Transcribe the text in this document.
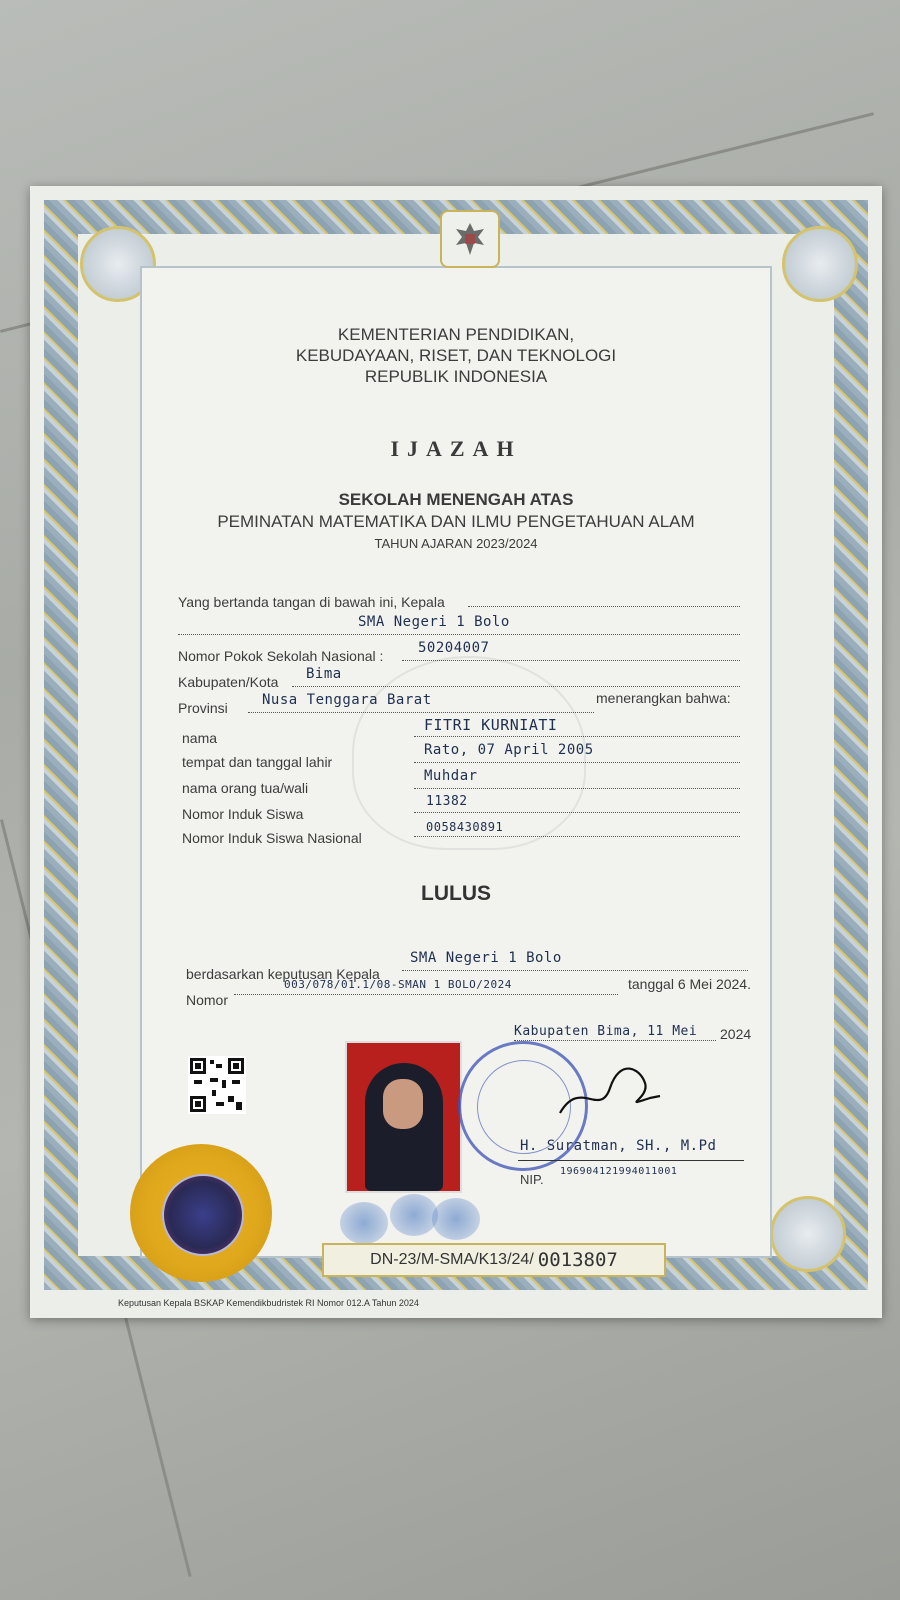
KEMENTERIAN PENDIDIKAN,
KEBUDAYAAN, RISET, DAN TEKNOLOGI
REPUBLIK INDONESIA
IJAZAH
SEKOLAH MENENGAH ATAS
PEMINATAN MATEMATIKA DAN ILMU PENGETAHUAN ALAM
TAHUN AJARAN 2023/2024
Yang bertanda tangan di bawah ini, Kepala
SMA Negeri 1 Bolo
Nomor Pokok Sekolah Nasional : 50204007
Kabupaten/Kota Bima
Provinsi Nusa Tenggara Barat	menerangkan bahwa:
nama
FITRI KURNIATI
tempat dan tanggal lahir
Rato, 07 April 2005
nama orang tua/wali
Muhdar
Nomor Induk Siswa
11382
Nomor Induk Siswa Nasional
0058430891
LULUS
berdasarkan keputusan Kepala
SMA Negeri 1 Bolo
Nomor
003/078/01.1/08-SMAN 1 BOLO/2024	tanggal 6 Mei 2024.
Kabupaten Bima, 11 Mei 2024
H. Suratman, SH., M.Pd
NIP.
196904121994011001
DN-23/M-SMA/K13/24/ 0013807
Keputusan Kepala BSKAP Kemendikbudristek RI Nomor 012.A Tahun 2024
